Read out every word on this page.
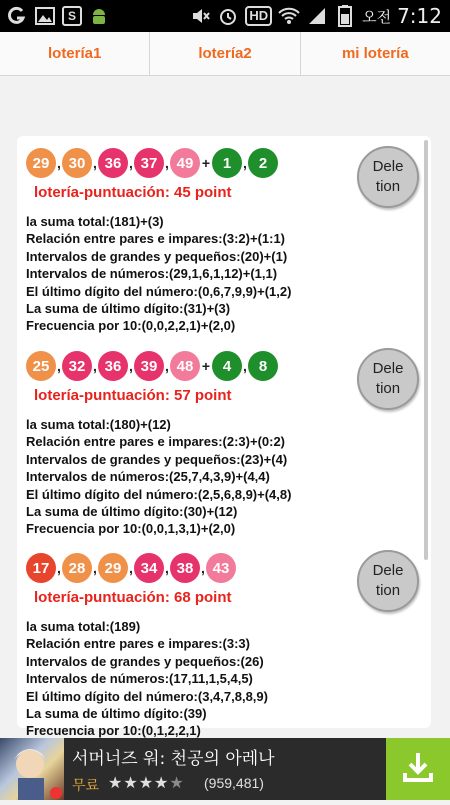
S	HD	오전 7:12
lotería1	lotería2	mi lotería
29 , 30 , 36 , 37 , 49 + 1 , 2
lotería-puntuación: 45 point
la suma total:(181)+(3)
Relación entre pares e impares:(3:2)+(1:1)
Intervalos de grandes y pequeños:(20)+(1)
Intervalos de números:(29,1,6,1,12)+(1,1)
El último dígito del número:(0,6,7,9,9)+(1,2)
La suma de último dígito:(31)+(3)
Frecuencia por 10:(0,0,2,2,1)+(2,0)
Dele tion
25 , 32 , 36 , 39 , 48 + 4 , 8
lotería-puntuación: 57 point
la suma total:(180)+(12)
Relación entre pares e impares:(2:3)+(0:2)
Intervalos de grandes y pequeños:(23)+(4)
Intervalos de números:(25,7,4,3,9)+(4,4)
El último dígito del número:(2,5,6,8,9)+(4,8)
La suma de último dígito:(30)+(12)
Frecuencia por 10:(0,0,1,3,1)+(2,0)
Dele tion
17 , 28 , 29 , 34 , 38 , 43
lotería-puntuación: 68 point
la suma total:(189)
Relación entre pares e impares:(3:3)
Intervalos de grandes y pequeños:(26)
Intervalos de números:(17,11,1,5,4,5)
El último dígito del número:(3,4,7,8,8,9)
La suma de último dígito:(39)
Frecuencia por 10:(0,1,2,2,1)
Dele tion
서머너즈 워: 천공의 아레나
무료 ★★★★★ (959,481)
